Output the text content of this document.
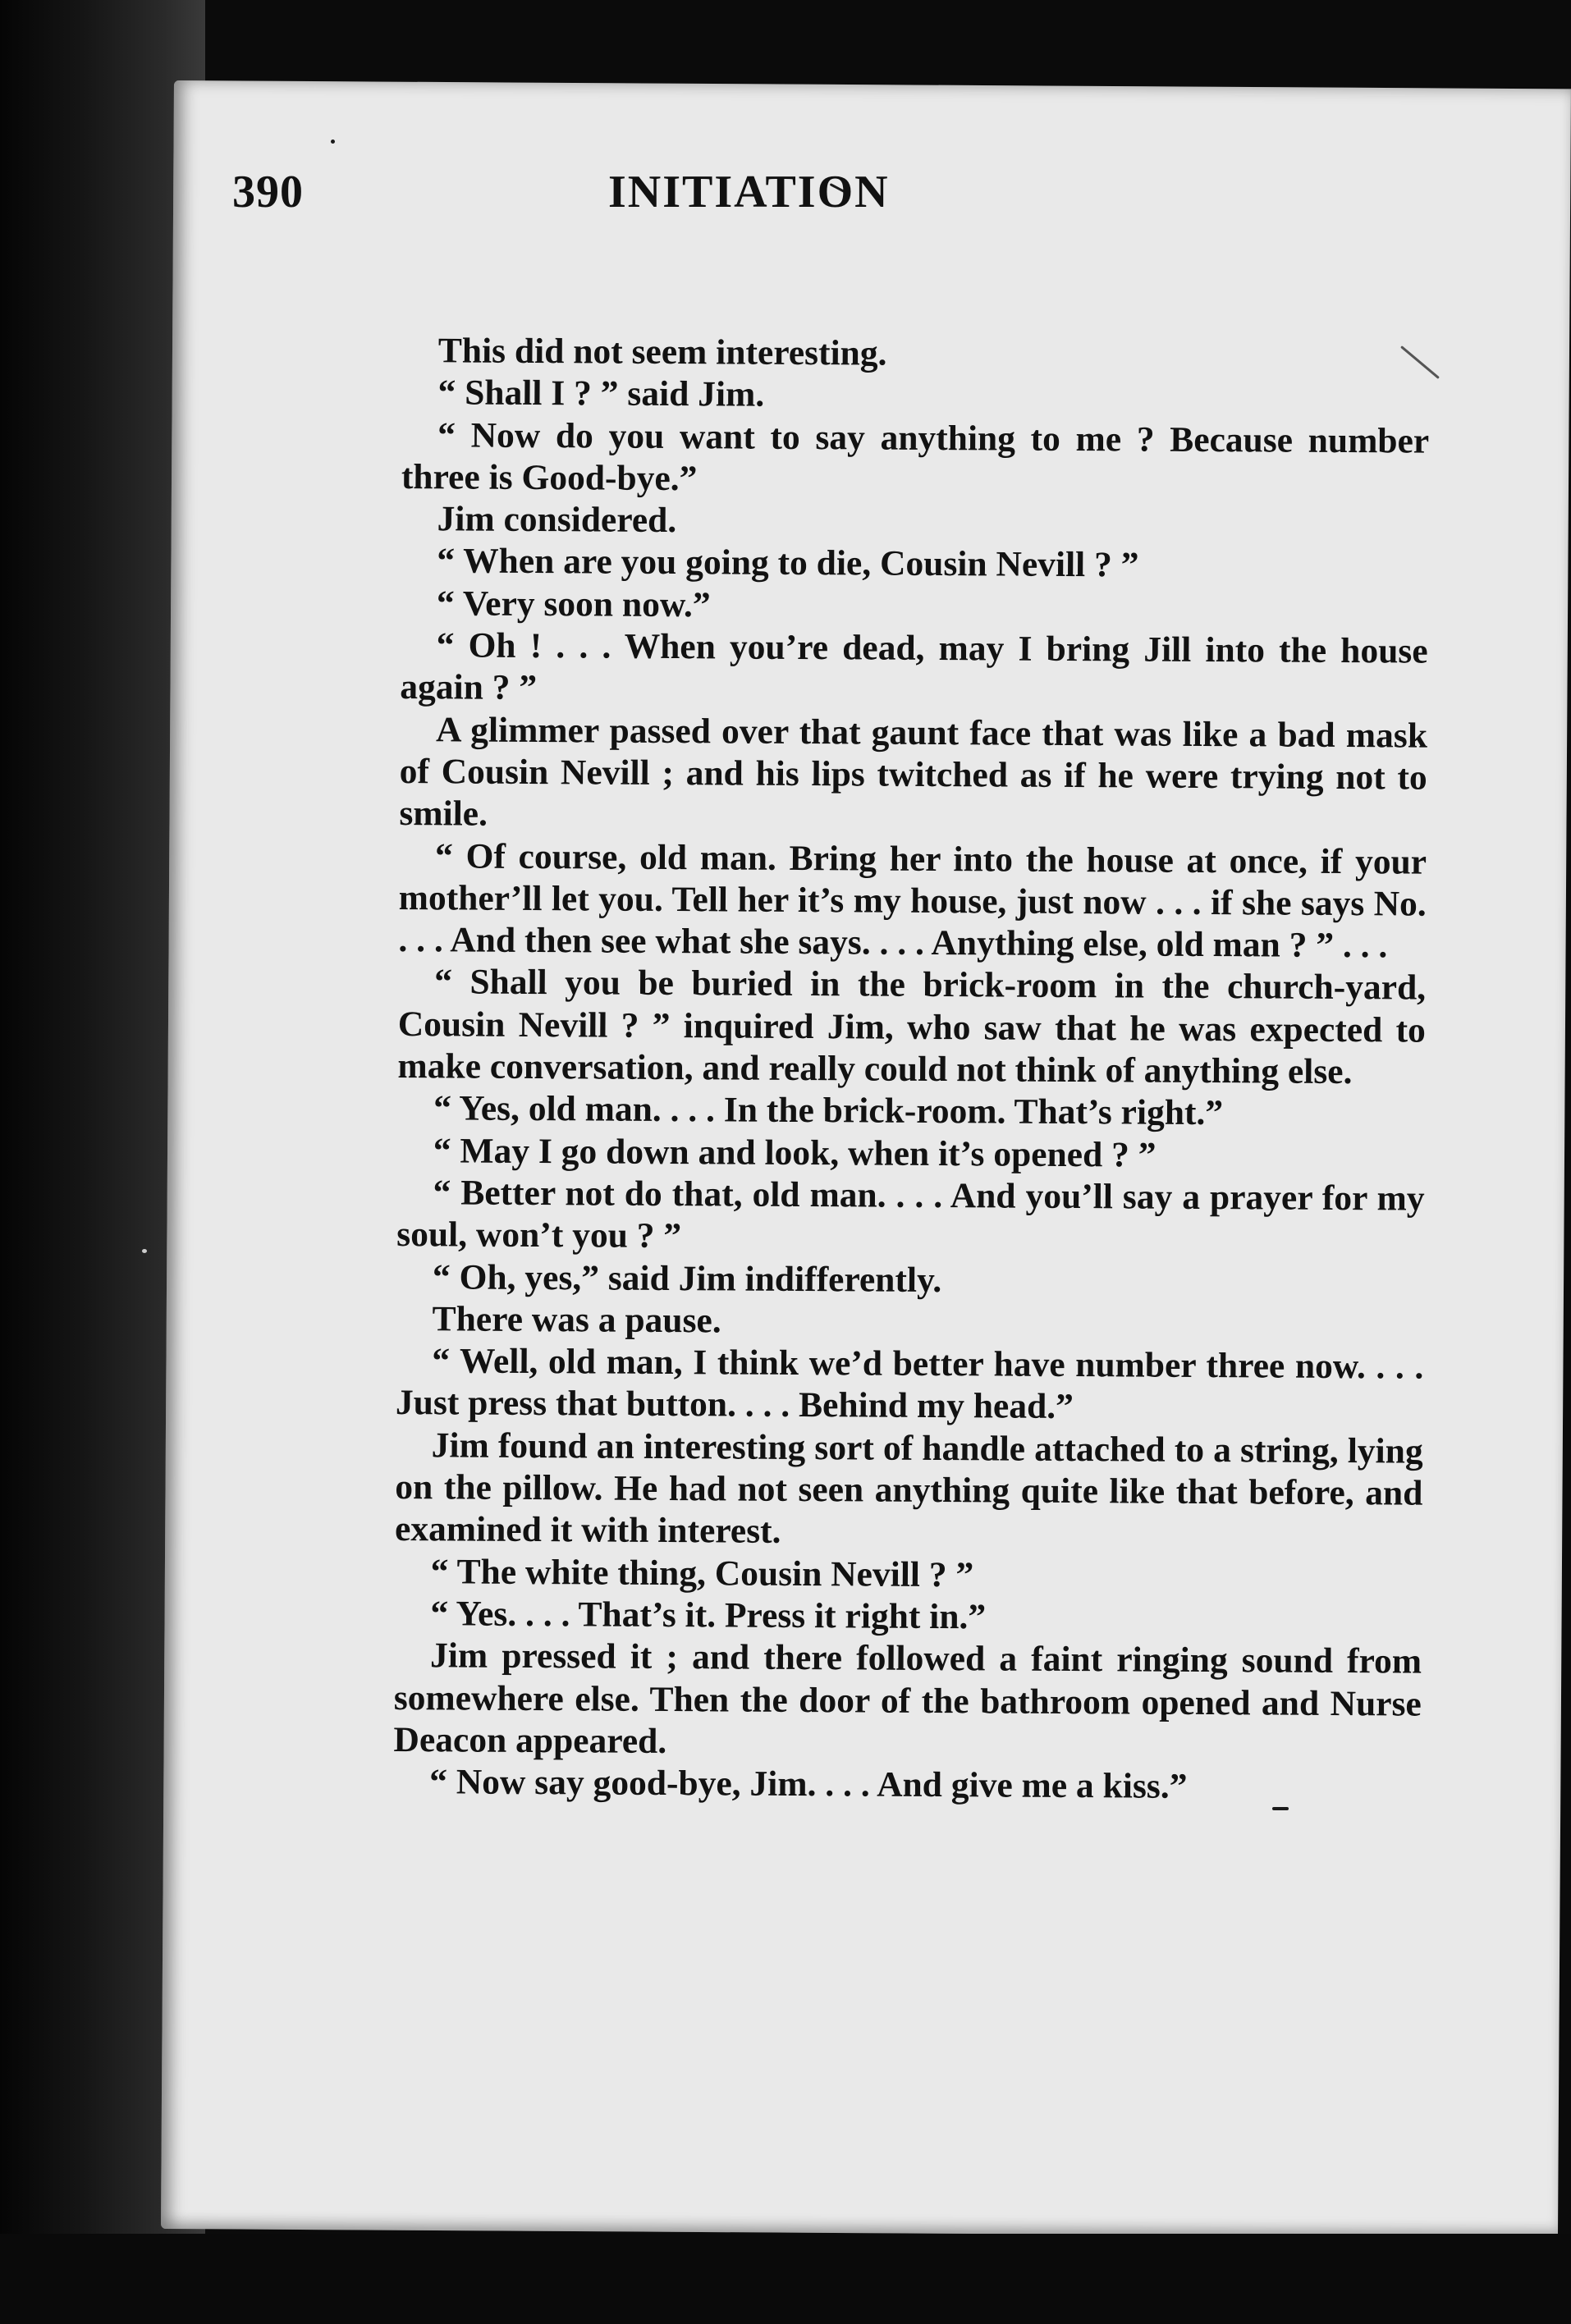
390	INITIATION

This did not seem interesting.

“ Shall I ? ” said Jim.

“ Now do you want to say anything to me ? Because number three is Good-bye.”

Jim considered.

“ When are you going to die, Cousin Nevill ? ”

“ Very soon now.”

“ Oh ! . . . When you’re dead, may I bring Jill into the house again ? ”

A glimmer passed over that gaunt face that was like a bad mask of Cousin Nevill ; and his lips twitched as if he were trying not to smile.

“ Of course, old man. Bring her into the house at once, if your mother’ll let you. Tell her it’s my house, just now . . . if she says No. . . . And then see what she says. . . . Anything else, old man ? ” . . .

“ Shall you be buried in the brick-room in the church-yard, Cousin Nevill ? ” inquired Jim, who saw that he was expected to make conversation, and really could not think of anything else.

“ Yes, old man. . . . In the brick-room. That’s right.”

“ May I go down and look, when it’s opened ? ”

“ Better not do that, old man. . . . And you’ll say a prayer for my soul, won’t you ? ”

“ Oh, yes,” said Jim indifferently.

There was a pause.

“ Well, old man, I think we’d better have number three now. . . . Just press that button. . . . Behind my head.”

Jim found an interesting sort of handle attached to a string, lying on the pillow. He had not seen anything quite like that before, and examined it with interest.

“ The white thing, Cousin Nevill ? ”

“ Yes. . . . That’s it. Press it right in.”

Jim pressed it ; and there followed a faint ringing sound from somewhere else. Then the door of the bathroom opened and Nurse Deacon appeared.

“ Now say good-bye, Jim. . . . And give me a kiss.”
